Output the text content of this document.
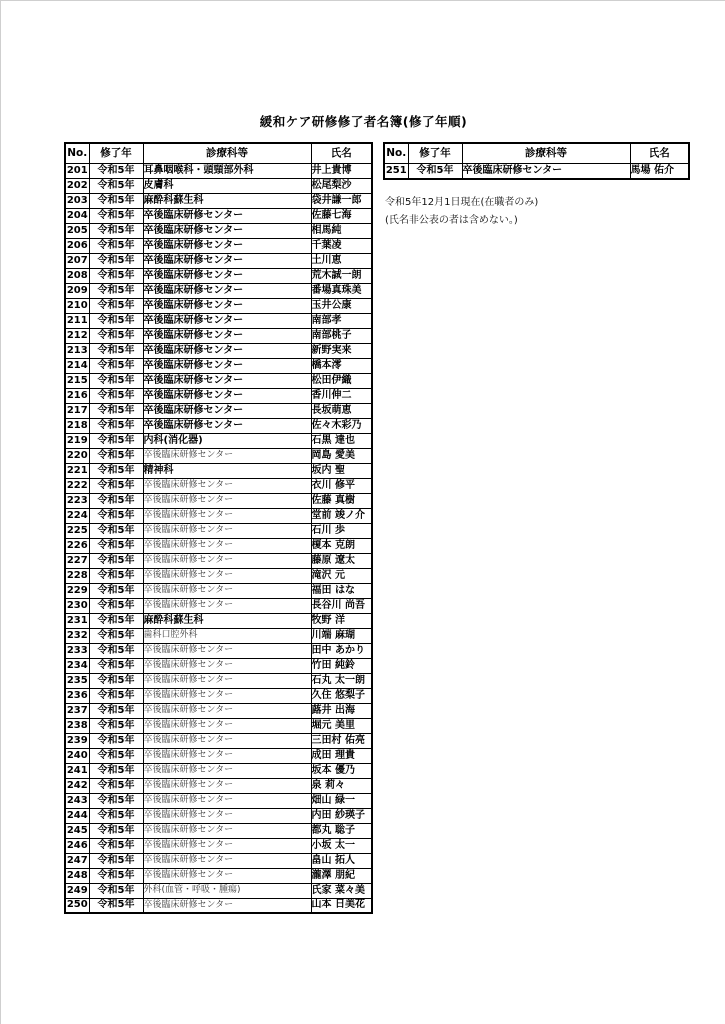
緩和ケア研修修了者名簿(修了年順)
No.	修了年	診療科等	氏名
201	令和5年	耳鼻咽喉科・頭頸部外科	井上貴博
202	令和5年	皮膚科	松尾梨沙
203	令和5年	麻酔科蘇生科	袋井謙一郎
204	令和5年	卒後臨床研修センター	佐藤七海
205	令和5年	卒後臨床研修センター	相馬純
206	令和5年	卒後臨床研修センター	千葉凌
207	令和5年	卒後臨床研修センター	土川恵
208	令和5年	卒後臨床研修センター	荒木誠一朗
209	令和5年	卒後臨床研修センター	番場真珠美
210	令和5年	卒後臨床研修センター	玉井公康
211	令和5年	卒後臨床研修センター	南部孝
212	令和5年	卒後臨床研修センター	南部桃子
213	令和5年	卒後臨床研修センター	新野実来
214	令和5年	卒後臨床研修センター	橋本澪
215	令和5年	卒後臨床研修センター	松田伊織
216	令和5年	卒後臨床研修センター	香川伸二
217	令和5年	卒後臨床研修センター	長坂萌恵
218	令和5年	卒後臨床研修センター	佐々木彩乃
219	令和5年	内科(消化器)	石黒 達也
220	令和5年	卒後臨床研修センター	岡島 愛美
221	令和5年	精神科	坂内 聖
222	令和5年	卒後臨床研修センター	衣川 修平
223	令和5年	卒後臨床研修センター	佐藤 真樹
224	令和5年	卒後臨床研修センター	堂前 竣ノ介
225	令和5年	卒後臨床研修センター	石川 歩
226	令和5年	卒後臨床研修センター	榎本 克朗
227	令和5年	卒後臨床研修センター	藤原 遼太
228	令和5年	卒後臨床研修センター	滝沢 元
229	令和5年	卒後臨床研修センター	福田 はな
230	令和5年	卒後臨床研修センター	長谷川 尚吾
231	令和5年	麻酔科蘇生科	牧野 洋
232	令和5年	歯科口腔外科	川端 麻瑚
233	令和5年	卒後臨床研修センター	田中 あかり
234	令和5年	卒後臨床研修センター	竹田 純鈴
235	令和5年	卒後臨床研修センター	石丸 太一朗
236	令和5年	卒後臨床研修センター	久住 悠梨子
237	令和5年	卒後臨床研修センター	蕗井 出海
238	令和5年	卒後臨床研修センター	堀元 美里
239	令和5年	卒後臨床研修センター	三田村 佑亮
240	令和5年	卒後臨床研修センター	成田 理貴
241	令和5年	卒後臨床研修センター	坂本 優乃
242	令和5年	卒後臨床研修センター	泉 莉々
243	令和5年	卒後臨床研修センター	畑山 緑一
244	令和5年	卒後臨床研修センター	内田 紗瑛子
245	令和5年	卒後臨床研修センター	都丸 聡子
246	令和5年	卒後臨床研修センター	小坂 太一
247	令和5年	卒後臨床研修センター	畠山 拓人
248	令和5年	卒後臨床研修センター	瀧澤 朋紀
249	令和5年	外科(血管・呼吸・腫瘍)	氏家 菜々美
250	令和5年	卒後臨床研修センター	山本 日美花
No.	修了年	診療科等	氏名
251	令和5年	卒後臨床研修センター	馬場 佑介
令和5年12月1日現在(在職者のみ)
(氏名非公表の者は含めない。)
